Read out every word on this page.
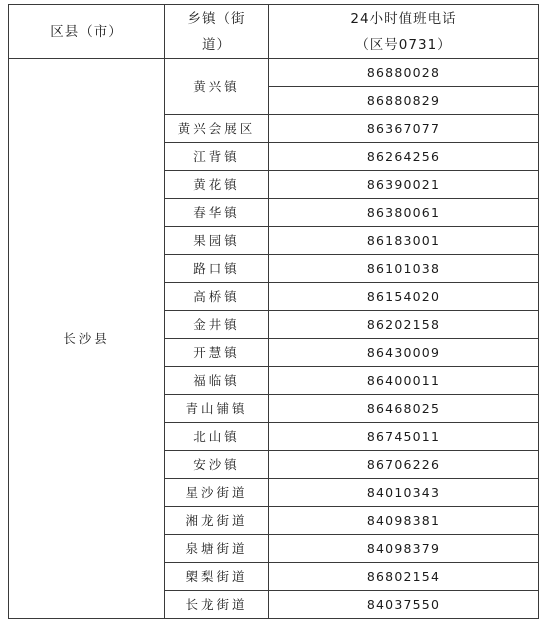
区县（市）	乡镇（街
道）	24小时值班电话
（区号0731）

长沙县	黄兴镇	86880028
		86880829
	黄兴会展区	86367077
	江背镇	86264256
	黄花镇	86390021
	春华镇	86380061
	果园镇	86183001
	路口镇	86101038
	高桥镇	86154020
	金井镇	86202158
	开慧镇	86430009
	福临镇	86400011
	青山铺镇	86468025
	北山镇	86745011
	安沙镇	86706226
	星沙街道	84010343
	湘龙街道	84098381
	泉塘街道	84098379
	㮾梨街道	86802154
	长龙街道	84037550
